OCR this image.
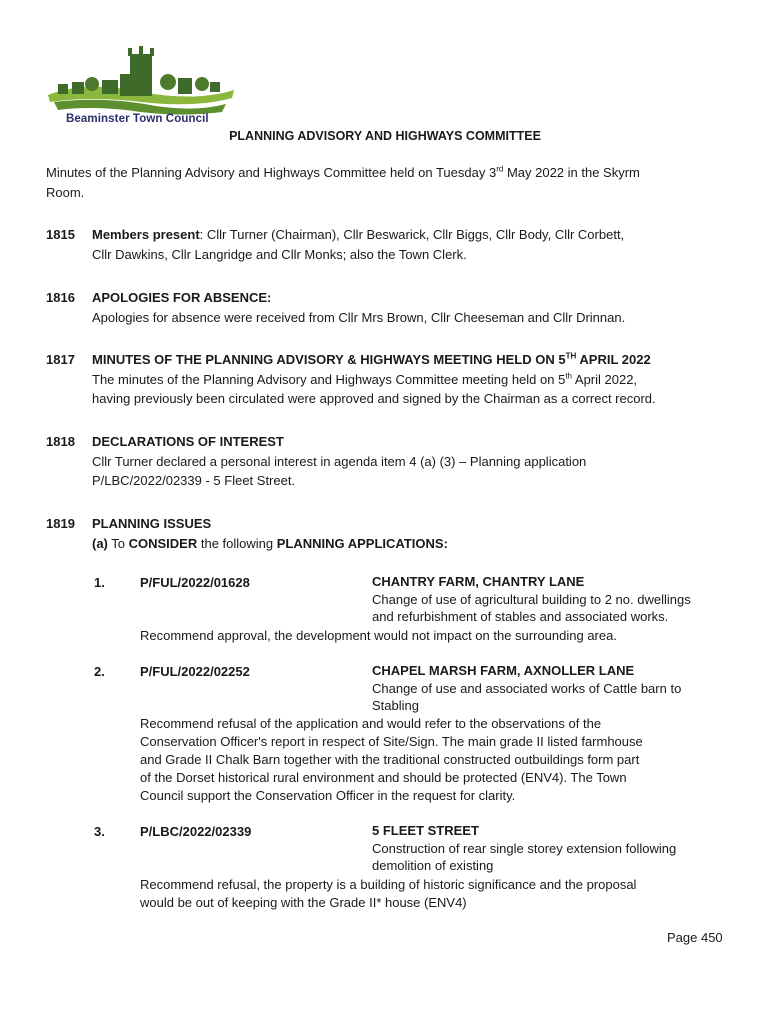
Beaminster Town Council
PLANNING ADVISORY AND HIGHWAYS COMMITTEE
Minutes of the Planning Advisory and Highways Committee held on Tuesday 3rd May 2022 in the Skyrm
Room.
1815 Members present: Cllr Turner (Chairman), Cllr Beswarick, Cllr Biggs, Cllr Body, Cllr Corbett,
Cllr Dawkins, Cllr Langridge and Cllr Monks; also the Town Clerk.
1816 APOLOGIES FOR ABSENCE:
Apologies for absence were received from Cllr Mrs Brown, Cllr Cheeseman and Cllr Drinnan.
1817 MINUTES OF THE PLANNING ADVISORY & HIGHWAYS MEETING HELD ON 5TH APRIL 2022
The minutes of the Planning Advisory and Highways Committee meeting held on 5th April 2022,
having previously been circulated were approved and signed by the Chairman as a correct record.
1818 DECLARATIONS OF INTEREST
Cllr Turner declared a personal interest in agenda item 4 (a) (3) – Planning application
P/LBC/2022/02339 - 5 Fleet Street.
1819 PLANNING ISSUES
(a) To CONSIDER the following PLANNING APPLICATIONS:
1.	P/FUL/2022/01628	CHANTRY FARM, CHANTRY LANE
Change of use of agricultural building to 2 no. dwellings
and refurbishment of stables and associated works.
Recommend approval, the development would not impact on the surrounding area.
2.	P/FUL/2022/02252	CHAPEL MARSH FARM, AXNOLLER LANE
Change of use and associated works of Cattle barn to
Stabling
Recommend refusal of the application and would refer to the observations of the
Conservation Officer's report in respect of Site/Sign. The main grade II listed farmhouse
and Grade II Chalk Barn together with the traditional constructed outbuildings form part
of the Dorset historical rural environment and should be protected (ENV4). The Town
Council support the Conservation Officer in the request for clarity.
3.	P/LBC/2022/02339	5 FLEET STREET
Construction of rear single storey extension following
demolition of existing
Recommend refusal, the property is a building of historic significance and the proposal
would be out of keeping with the Grade II* house (ENV4)
Page 450
